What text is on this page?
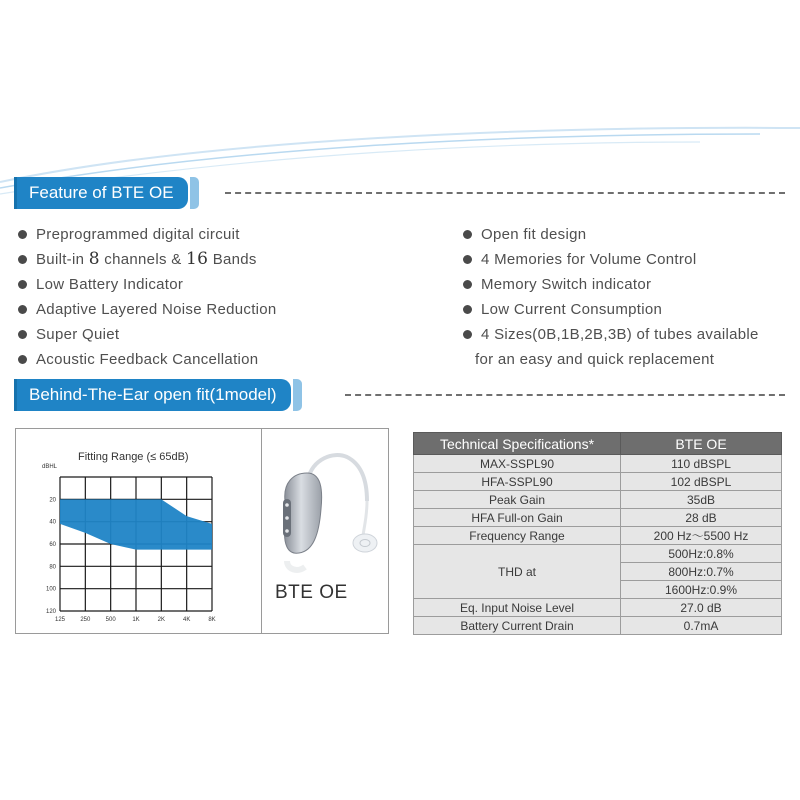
Feature of BTE OE
Preprogrammed digital circuit
Built-in 8 channels & 16 Bands
Low Battery Indicator
Adaptive Layered Noise Reduction
Super Quiet
Acoustic Feedback Cancellation
Open fit design
4 Memories for Volume Control
Memory Switch indicator
Low Current Consumption
4 Sizes(0B,1B,2B,3B) of tubes available
for an easy and quick replacement
Behind-The-Ear open fit(1model)
Fitting Range (≤ 65dB)
dBHL
20
40
60
80
100
120
125	250	500	1K	2K	4K	8K
BTE OE
Technical Specifications*	BTE OE
MAX-SSPL90	110 dBSPL
HFA-SSPL90	102 dBSPL
Peak Gain	35dB
HFA Full-on Gain	28 dB
Frequency Range	200 Hz～5500 Hz
THD at	500Hz:0.8%
	800Hz:0.7%
	1600Hz:0.9%
Eq. Input Noise Level	27.0 dB
Battery Current Drain	0.7mA
